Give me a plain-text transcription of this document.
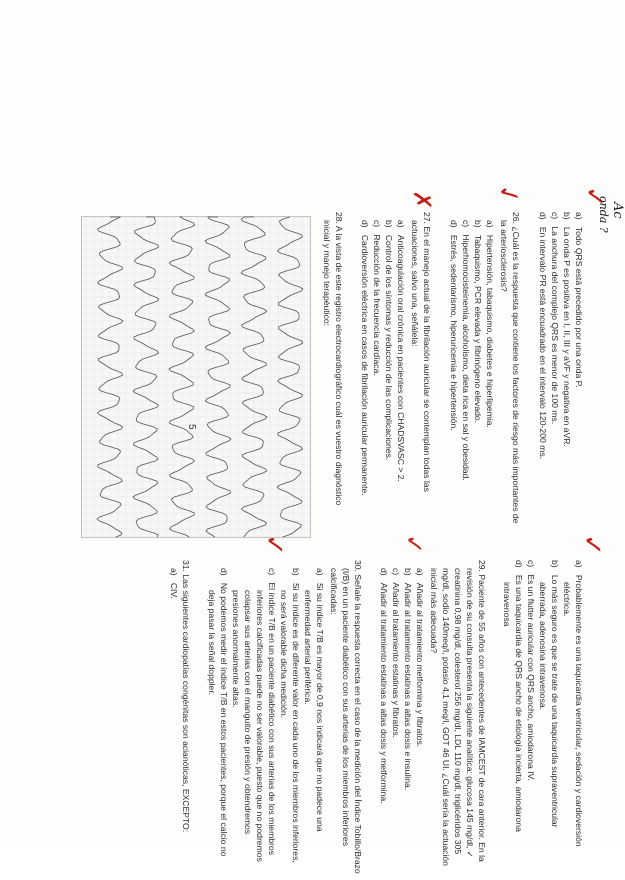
a)   Todo QRS está precedido por una onda P.
b)   La onda P es positiva en I, II, III y aVF y negativa en aVR.
c)   La anchura del complejo QRS es menor de 100 ms.
d)   En intervalo PR está encuadrado en el intervalo 120-200 ms.
26. ¿Cuál es la respuesta que contiene los factores de riesgo más importantes de
la arteriosclerosis?
a)   Hipertensión, tabaquismo, diabetes e hiperlipemia.
b)   Tabaquismo, PCR elevada y fibrinógeno elevado.
c)   Hiperhomocisteinemia, alcoholismo, dieta rica en sal y obesidad.
d)   Estrés, sedentarismo, hiperuricemia e hipertensión.
27. En el manejo actual de la fibrilación auricular se contemplan todas las
actuaciones, salvo una, señálela:
a)   Anticoagulación oral crónica en pacientes con CHADSVASC > 2.
b)   Control de los síntomas y reducción de las complicaciones.
c)   Reducción de la frecuencia cardíaca.
d)   Cardioversión eléctrica en casos de fibrilación auricular permanente.
28. A la vista de este registro electrocardiográfico cuál es vuestro diagnóstico
inicial y manejo terapéutico:
✓
✗	✓
Ac
onda ?
5
a)   Probablemente es una taquicardia ventricular, sedación y cardioversión
eléctrica.
b)   Lo más seguro es que se trate de una taquicardia supraventricular
aberrada, adenosina intravenosa.
c)   Es un flutter auricular con QRS ancho, amiodarona IV.
d)   Es una taquicardia de QRS ancho de etiología incierta, amiodarona
intravenosa
29. Paciente de 55 años con antecedentes de IAMCEST de cara anterior. En la
revisión de su consulta presenta la siguiente analítica: glucosa 145 mg/dl, ✓
creatinina 0,98 mg/dl, colesterol 256 mg/dl, LDL 110 mg/dl, triglicéridos 305
mg/dl, sodio 140meq/l, potasio 4,1 meq/l, GOT 46 UI. ¿Cuál sería la actuación
inicial más adecuada?
a)   Añadir al tratamiento metformina y fibratos.
b)   Añadir al tratamiento estatinas a altas dosis e insulina.
c)   Añadir al tratamiento estatinas y fibratos.
d)   Añadir al tratamiento estatinas a altas dosis y metformina.
30. Señale la respuesta correcta en el caso de la medición del Índice Tobillo/Brazo
(I/B) en un paciente diabético con sus arterias de los miembros inferiores
calcificadas:
a)   Si su índice T/B es mayor de 0,9 nos indicará que no padece una
enfermedad arterial periférica.
b)   Si su índice es de diferente valor en cada uno de los miembros inferiores,
no será valorable dicha medición.
c)   El índice T/B en un paciente diabético con sus arterias de los miembros
inferiores calcificadas puede no ser valorable, puesto que no podremos
colapsar sus arterias con el manguito de presión y obtendremos
presiones anormalmente altas.
d)   No podemos medir el índice T/B en estos pacientes, porque el calcio no
deja pasar la señal doppler.
31. Las siguientes cardiopatías congénitas son acianóticas, EXCEPTO:
a)   CIV.
✓
✓
✓
